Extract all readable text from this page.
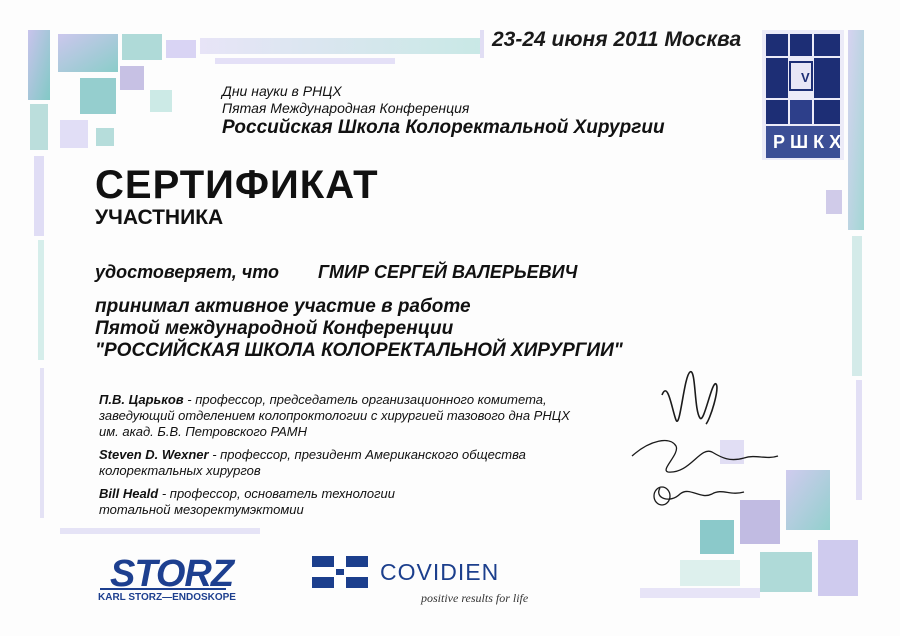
23-24 июня 2011 Москва
Дни науки в РНЦХ
Пятая Международная Конференция
Российская Школа Колоректальной Хирургии
V
РШКХ
СЕРТИФИКАТ
УЧАСТНИКА
удостоверяет, что ГМИР СЕРГЕЙ ВАЛЕРЬЕВИЧ
принимал активное участие в работе
Пятой международной Конференции
"РОССИЙСКАЯ ШКОЛА КОЛОРЕКТАЛЬНОЙ ХИРУРГИИ"
П.В. Царьков - профессор, председатель организационного комитета,
заведующий отделением колопроктологии с хирургией тазового дна РНЦХ
им. акад. Б.В. Петровского РАМН
Steven D. Wexner - профессор, президент Американского общества
колоректальных хирургов
Bill Heald - профессор, основатель технологии
тотальной мезоректумэктомии
STORZ
KARL STORZ—ENDOSKOPE
COVIDIEN
positive results for life
